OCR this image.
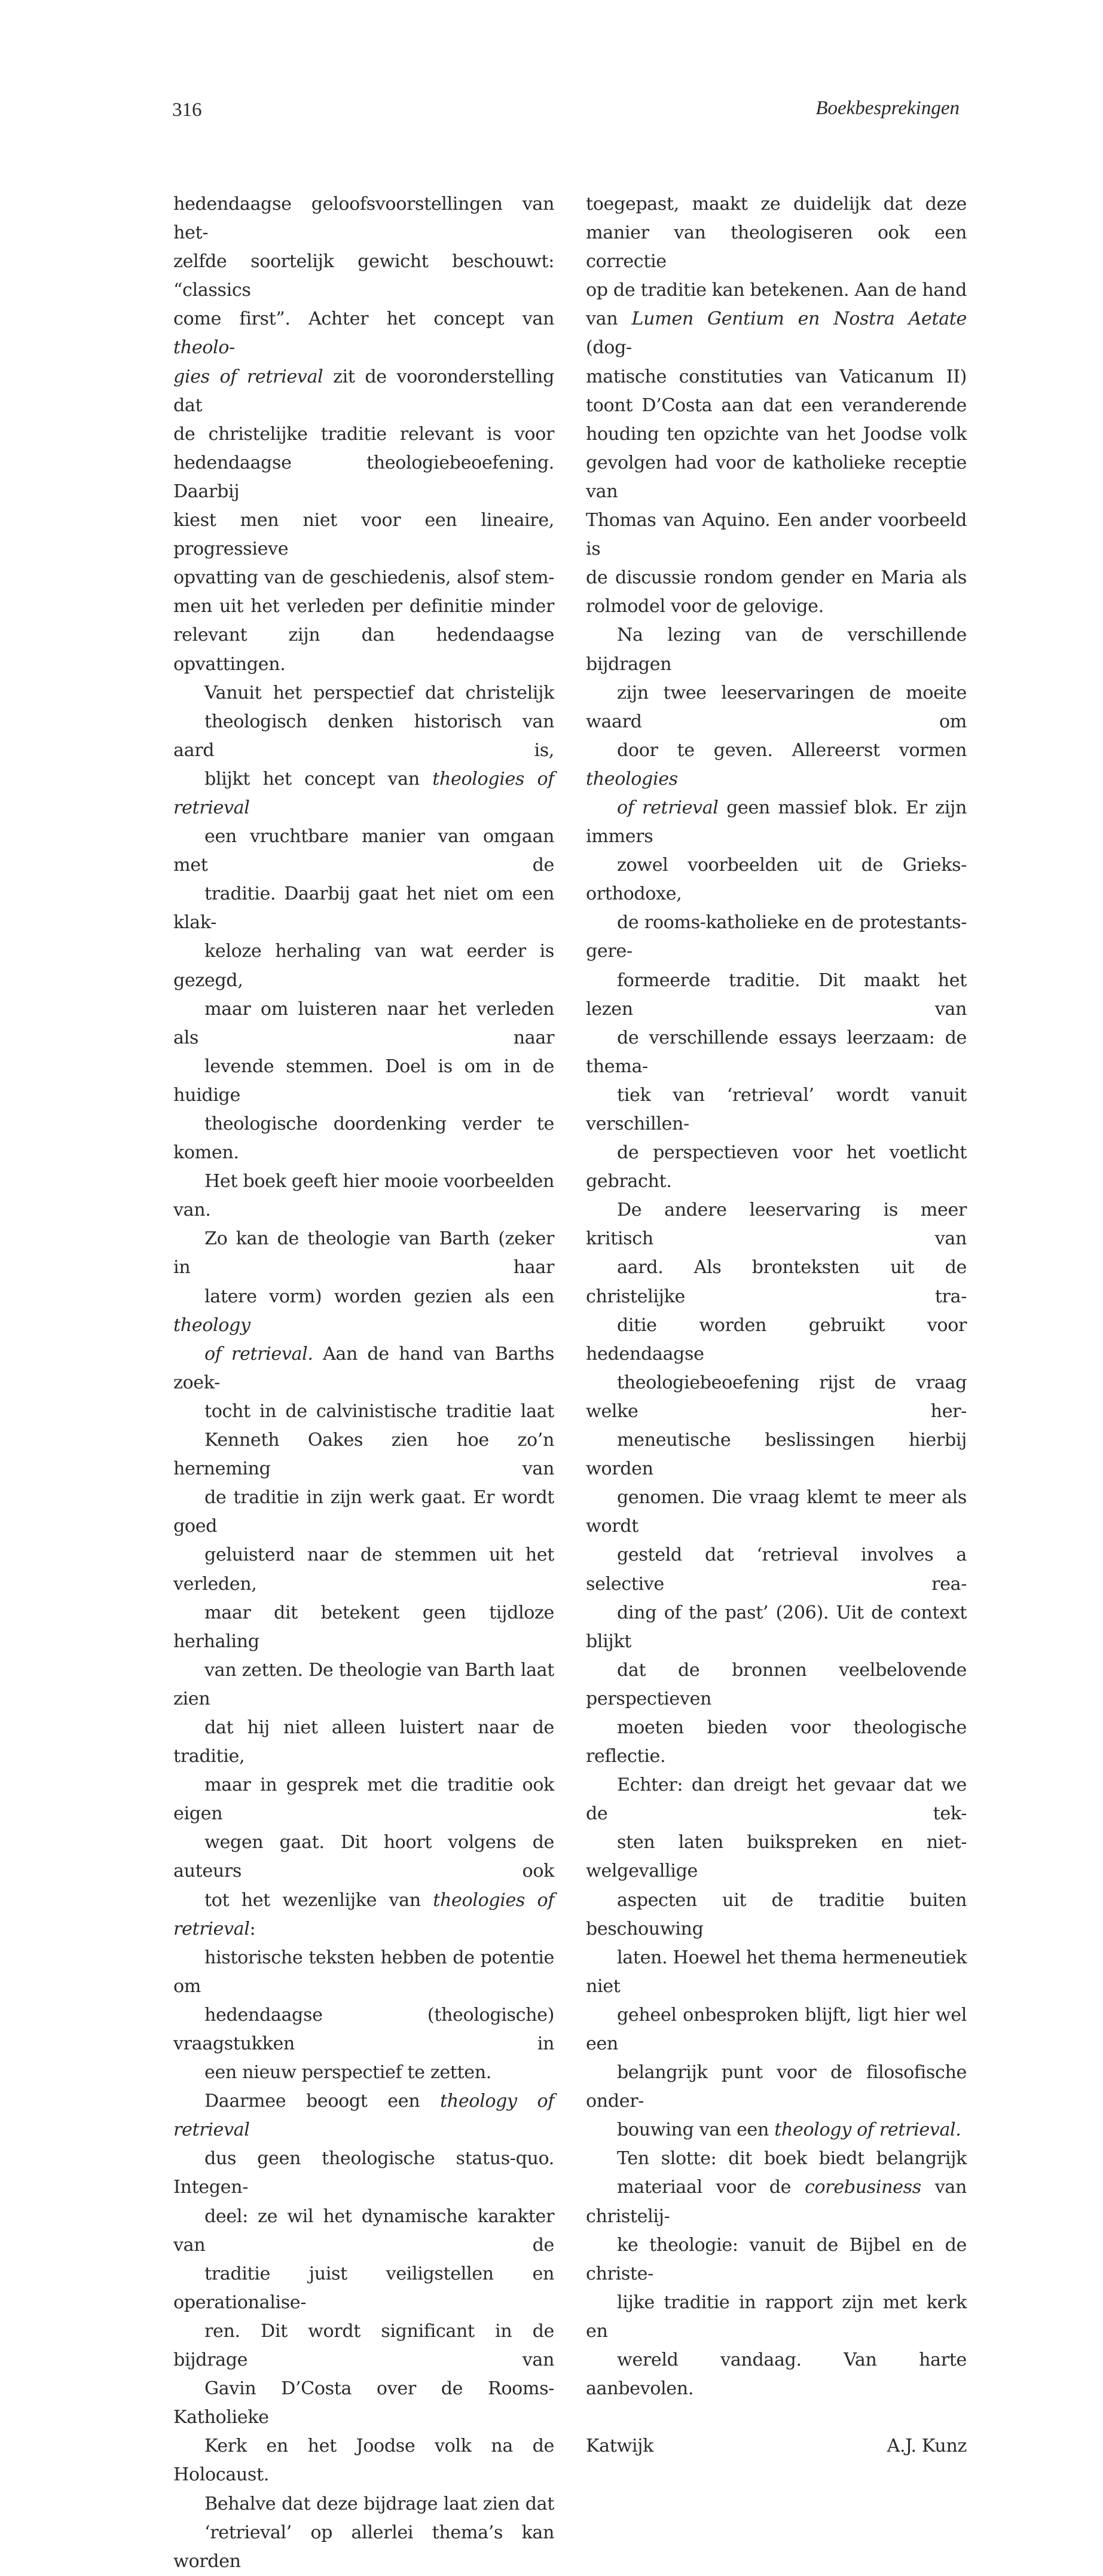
316	Boekbesprekingen

hedendaagse geloofsvoorstellingen van het-
zelfde soortelijk gewicht beschouwt: “classics
come first”. Achter het concept van theolo-
gies of retrieval zit de vooronderstelling dat
de christelijke traditie relevant is voor
hedendaagse theologiebeoefening. Daarbij
kiest men niet voor een lineaire, progressieve
opvatting van de geschiedenis, alsof stem-
men uit het verleden per definitie minder
relevant zijn dan hedendaagse opvattingen.

Vanuit het perspectief dat christelijk
theologisch denken historisch van aard is,
blijkt het concept van theologies of retrieval
een vruchtbare manier van omgaan met de
traditie. Daarbij gaat het niet om een klak-
keloze herhaling van wat eerder is gezegd,
maar om luisteren naar het verleden als naar
levende stemmen. Doel is om in de huidige
theologische doordenking verder te komen.
Het boek geeft hier mooie voorbeelden van.
Zo kan de theologie van Barth (zeker in haar
latere vorm) worden gezien als een theology
of retrieval. Aan de hand van Barths zoek-
tocht in de calvinistische traditie laat
Kenneth Oakes zien hoe zo’n herneming van
de traditie in zijn werk gaat. Er wordt goed
geluisterd naar de stemmen uit het verleden,
maar dit betekent geen tijdloze herhaling
van zetten. De theologie van Barth laat zien
dat hij niet alleen luistert naar de traditie,
maar in gesprek met die traditie ook eigen
wegen gaat. Dit hoort volgens de auteurs ook
tot het wezenlijke van theologies of retrieval:
historische teksten hebben de potentie om
hedendaagse (theologische) vraagstukken in
een nieuw perspectief te zetten.

Daarmee beoogt een theology of retrieval
dus geen theologische status-quo. Integen-
deel: ze wil het dynamische karakter van de
traditie juist veiligstellen en operationalise-
ren. Dit wordt significant in de bijdrage van
Gavin D’Costa over de Rooms-Katholieke
Kerk en het Joodse volk na de Holocaust.
Behalve dat deze bijdrage laat zien dat
‘retrieval’ op allerlei thema’s kan worden

toegepast, maakt ze duidelijk dat deze
manier van theologiseren ook een correctie
op de traditie kan betekenen. Aan de hand
van Lumen Gentium en Nostra Aetate (dog-
matische constituties van Vaticanum II)
toont D’Costa aan dat een veranderende
houding ten opzichte van het Joodse volk
gevolgen had voor de katholieke receptie van
Thomas van Aquino. Een ander voorbeeld is
de discussie rondom gender en Maria als
rolmodel voor de gelovige.

Na lezing van de verschillende bijdragen
zijn twee leeservaringen de moeite waard om
door te geven. Allereerst vormen theologies
of retrieval geen massief blok. Er zijn immers
zowel voorbeelden uit de Grieks-orthodoxe,
de rooms-katholieke en de protestants-gere-
formeerde traditie. Dit maakt het lezen van
de verschillende essays leerzaam: de thema-
tiek van ‘retrieval’ wordt vanuit verschillen-
de perspectieven voor het voetlicht gebracht.
De andere leeservaring is meer kritisch van
aard. Als bronteksten uit de christelijke tra-
ditie worden gebruikt voor hedendaagse
theologiebeoefening rijst de vraag welke her-
meneutische beslissingen hierbij worden
genomen. Die vraag klemt te meer als wordt
gesteld dat ‘retrieval involves a selective rea-
ding of the past’ (206). Uit de context blijkt
dat de bronnen veelbelovende perspectieven
moeten bieden voor theologische reflectie.
Echter: dan dreigt het gevaar dat we de tek-
sten laten buikspreken en niet-welgevallige
aspecten uit de traditie buiten beschouwing
laten. Hoewel het thema hermeneutiek niet
geheel onbesproken blijft, ligt hier wel een
belangrijk punt voor de filosofische onder-
bouwing van een theology of retrieval.

Ten slotte: dit boek biedt belangrijk
materiaal voor de corebusiness van christelij-
ke theologie: vanuit de Bijbel en de christe-
lijke traditie in rapport zijn met kerk en
wereld vandaag. Van harte aanbevolen.

Katwijk	A.J. Kunz
